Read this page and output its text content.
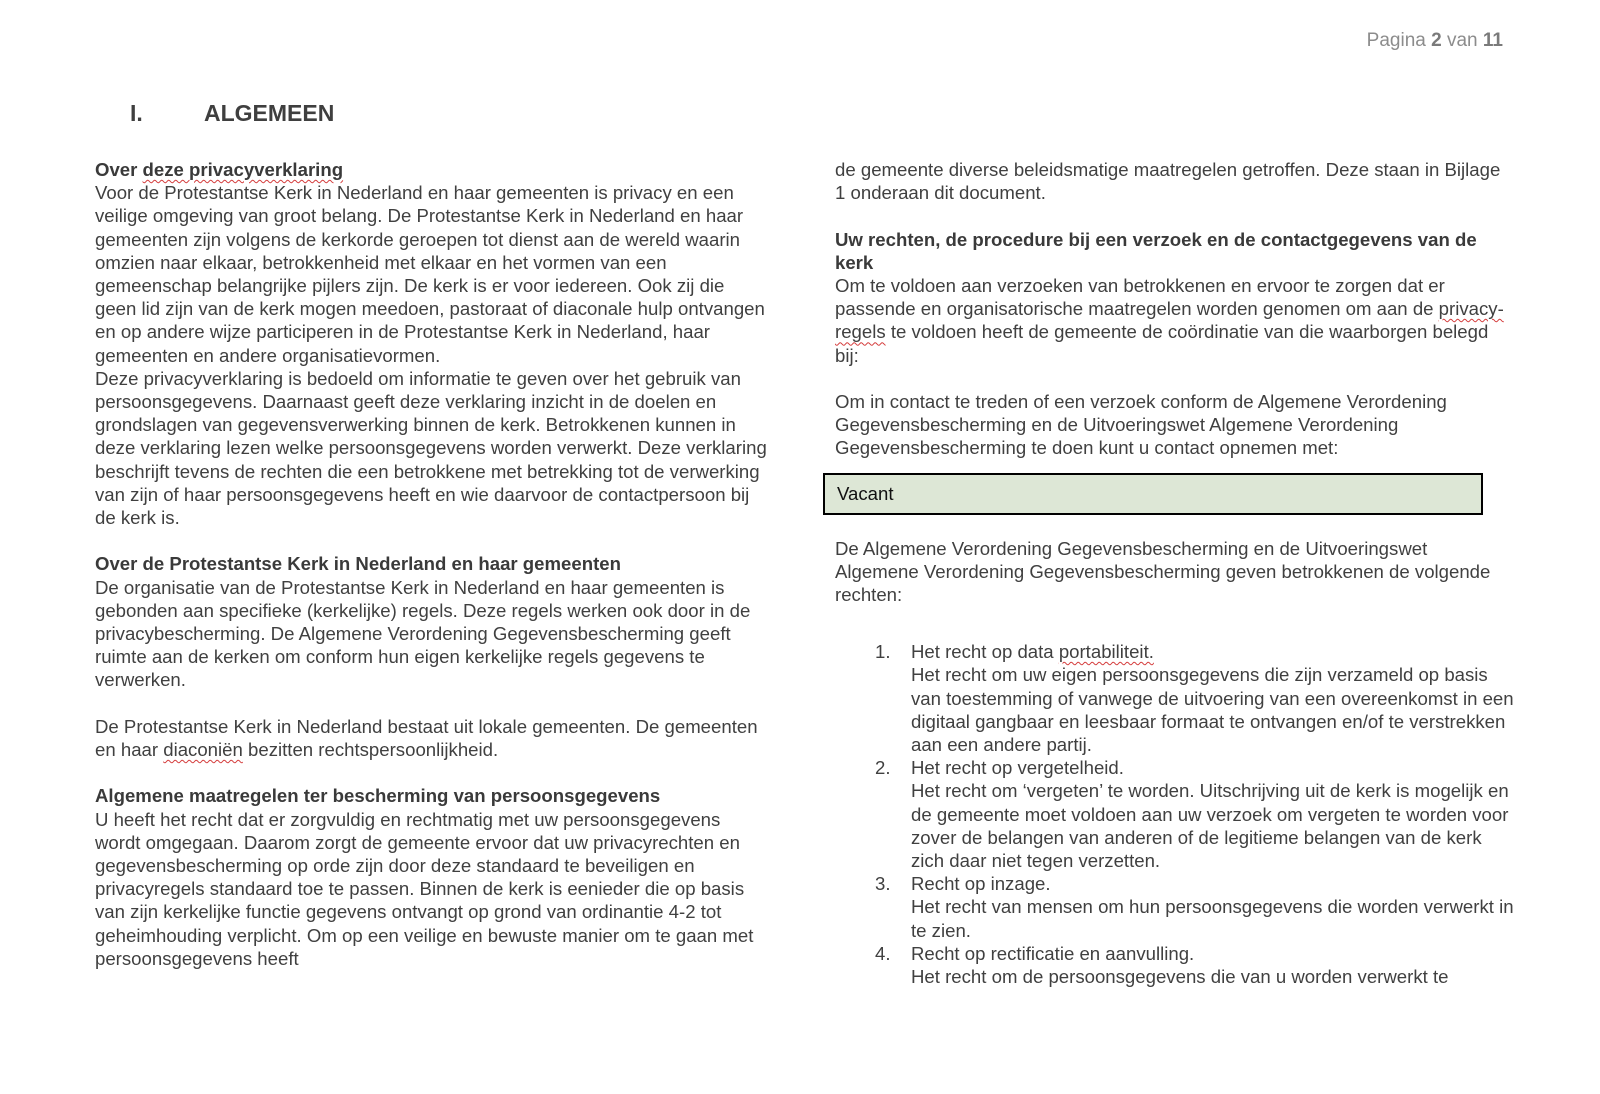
Pagina 2 van 11
I.	ALGEMEEN

Over deze privacyverklaring

Voor de Protestantse Kerk in Nederland en haar gemeenten is privacy en een veilige omgeving van groot belang. De Protestantse Kerk in Nederland en haar gemeenten zijn volgens de kerkorde geroepen tot dienst aan de wereld waarin omzien naar elkaar, betrokkenheid met elkaar en het vormen van een gemeenschap belangrijke pijlers zijn. De kerk is er voor iedereen. Ook zij die geen lid zijn van de kerk mogen meedoen, pastoraat of diaconale hulp ontvangen en op andere wijze participeren in de Protestantse Kerk in Nederland, haar gemeenten en andere organisatievormen.

Deze privacyverklaring is bedoeld om informatie te geven over het gebruik van persoonsgegevens. Daarnaast geeft deze verklaring inzicht in de doelen en grondslagen van gegevensverwerking binnen de kerk. Betrokkenen kunnen in deze verklaring lezen welke persoonsgegevens worden verwerkt. Deze verklaring beschrijft tevens de rechten die een betrokkene met betrekking tot de verwerking van zijn of haar persoonsgegevens heeft en wie daarvoor de contactpersoon bij de kerk is.

Over de Protestantse Kerk in Nederland en haar gemeenten

De organisatie van de Protestantse Kerk in Nederland en haar gemeenten is gebonden aan specifieke (kerkelijke) regels. Deze regels werken ook door in de privacybescherming. De Algemene Verordening Gegevensbescherming geeft ruimte aan de kerken om conform hun eigen kerkelijke regels gegevens te verwerken.

De Protestantse Kerk in Nederland bestaat uit lokale gemeenten. De gemeenten en haar diaconiën bezitten rechtspersoonlijkheid.

Algemene maatregelen ter bescherming van persoonsgegevens

U heeft het recht dat er zorgvuldig en rechtmatig met uw persoonsgegevens wordt omgegaan. Daarom zorgt de gemeente ervoor dat uw privacyrechten en gegevensbescherming op orde zijn door deze standaard te beveiligen en privacyregels standaard toe te passen. Binnen de kerk is eenieder die op basis van zijn kerkelijke functie gegevens ontvangt op grond van ordinantie 4-2 tot geheimhouding verplicht. Om op een veilige en bewuste manier om te gaan met persoonsgegevens heeft

de gemeente diverse beleidsmatige maatregelen getroffen. Deze staan in Bijlage 1 onderaan dit document.

Uw rechten, de procedure bij een verzoek en de contactgegevens van de kerk

Om te voldoen aan verzoeken van betrokkenen en ervoor te zorgen dat er passende en organisatorische maatregelen worden genomen om aan de privacy-regels te voldoen heeft de gemeente de coördinatie van die waarborgen belegd bij:

Om in contact te treden of een verzoek conform de Algemene Verordening Gegevensbescherming en de Uitvoeringswet Algemene Verordening Gegevensbescherming te doen kunt u contact opnemen met:

Vacant

De Algemene Verordening Gegevensbescherming en de Uitvoeringswet Algemene Verordening Gegevensbescherming geven betrokkenen de volgende rechten:

1.	Het recht op data portabiliteit.
Het recht om uw eigen persoonsgegevens die zijn verzameld op basis van toestemming of vanwege de uitvoering van een overeenkomst in een digitaal gangbaar en leesbaar formaat te ontvangen en/of te verstrekken aan een andere partij.
2.	Het recht op vergetelheid.
Het recht om ‘vergeten’ te worden. Uitschrijving uit de kerk is mogelijk en de gemeente moet voldoen aan uw verzoek om vergeten te worden voor zover de belangen van anderen of de legitieme belangen van de kerk zich daar niet tegen verzetten.
3.	Recht op inzage.
Het recht van mensen om hun persoonsgegevens die worden verwerkt in te zien.
4.	Recht op rectificatie en aanvulling.
Het recht om de persoonsgegevens die van u worden verwerkt te
